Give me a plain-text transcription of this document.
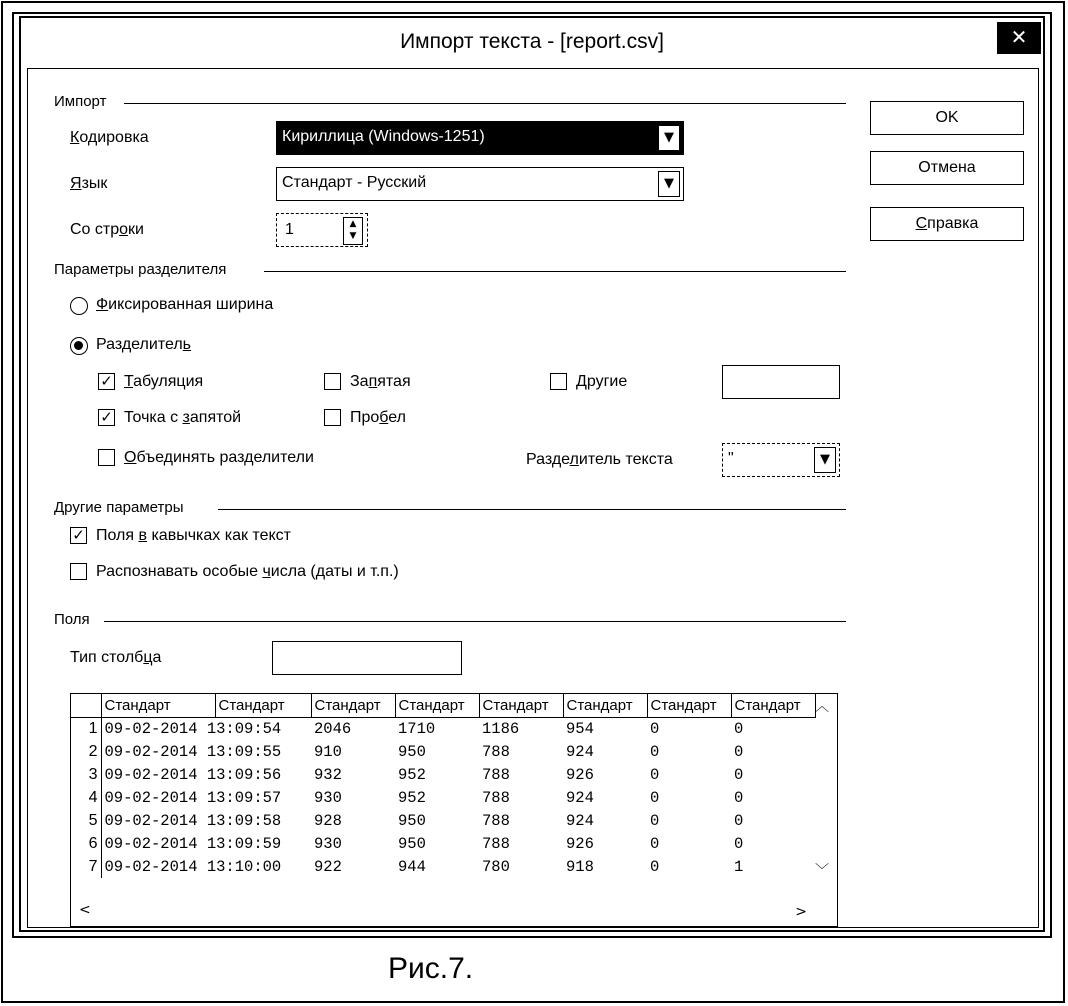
Импорт текста - [report.csv]	✕
Импорт
Кодировка	Кириллица (Windows-1251)	▼
Язык	Стандарт - Русский	▼
Со строки	1	▲
▼
Параметры разделителя
Фиксированная ширина
Разделитель
✓ Табуляция	Запятая	Другие
✓ Точка с запятой	Пробел
Объединять разделители	Разделитель текста	"	▼
Другие параметры
✓ Поля в кавычках как текст
Распознавать особые числа (даты и т.п.)
Поля
Тип столбца
	Стандарт	Стандарт	Стандарт	Стандарт	Стандарт	Стандарт	Стандарт	Стандарт
1	09-02-2014 13:09:54		2046	1710	1186	954	0	0
2	09-02-2014 13:09:55		910	950	788	924	0	0
3	09-02-2014 13:09:56		932	952	788	926	0	0
4	09-02-2014 13:09:57		930	952	788	924	0	0
5	09-02-2014 13:09:58		928	950	788	924	0	0
6	09-02-2014 13:09:59		930	950	788	926	0	0
7	09-02-2014 13:10:00		922	944	780	918	0	1
︿
﹀
<	>
OK
Отмена
Справка
Рис.7.
